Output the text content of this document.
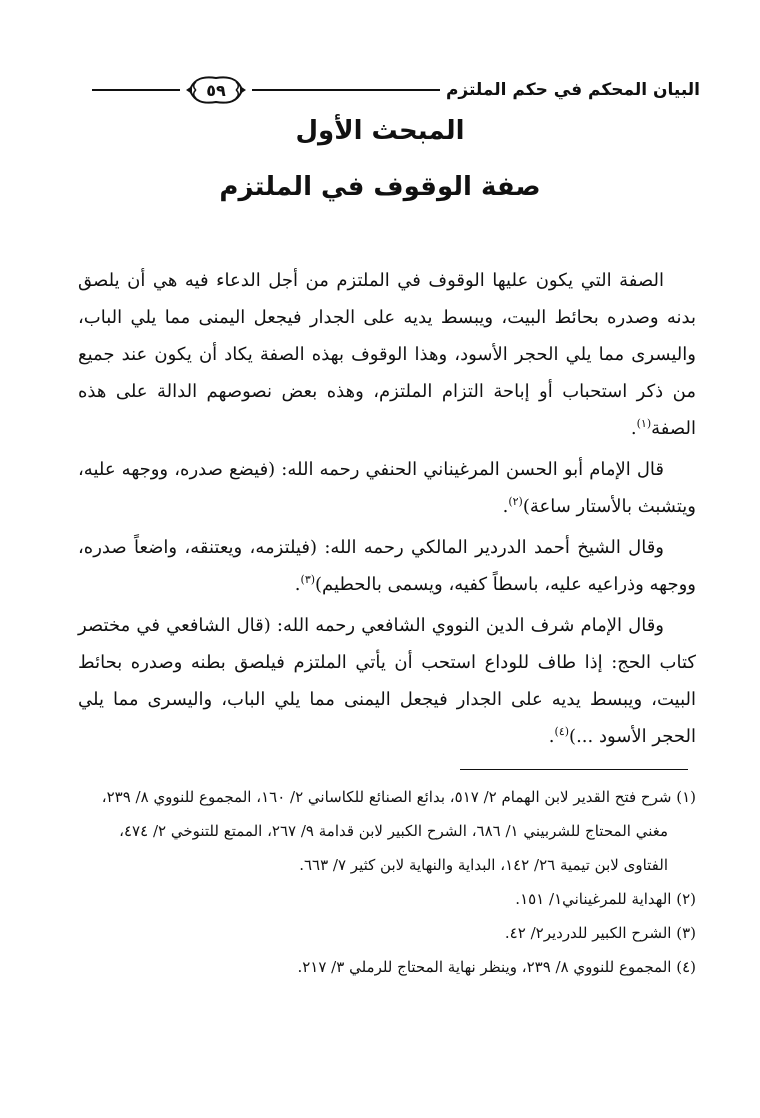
البيان المحكم في حكم الملتزم
٥٩
المبحث الأول
صفة الوقوف في الملتزم

الصفة التي يكون عليها الوقوف في الملتزم من أجل الدعاء فيه هي أن يلصق بدنه وصدره بحائط البيت، ويبسط يديه على الجدار فيجعل اليمنى مما يلي الباب، واليسرى مما يلي الحجر الأسود، وهذا الوقوف بهذه الصفة يكاد أن يكون عند جميع من ذكر استحباب أو إباحة التزام الملتزم، وهذه بعض نصوصهم الدالة على هذه الصفة$^{(١)}$.

قال الإمام أبو الحسن المرغيناني الحنفي رحمه الله: (فيضع صدره، ووجهه عليه، ويتشبث بالأستار ساعة)$^{(٢)}$.

وقال الشيخ أحمد الدردير المالكي رحمه الله: (فيلتزمه، ويعتنقه، واضعاً صدره، ووجهه وذراعيه عليه، باسطاً كفيه، ويسمى بالحطيم)$^{(٣)}$.

وقال الإمام شرف الدين النووي الشافعي رحمه الله: (قال الشافعي في مختصر كتاب الحج: إذا طاف للوداع استحب أن يأتي الملتزم فيلصق بطنه وصدره بحائط البيت، ويبسط يديه على الجدار فيجعل اليمنى مما يلي الباب، واليسرى مما يلي الحجر الأسود ...)$^{(٤)}$.

(١) شرح فتح القدير لابن الهمام ٢/ ٥١٧، بدائع الصنائع للكاساني ٢/ ١٦٠، المجموع للنووي ٨/ ٢٣٩،
مغني المحتاج للشربيني ١/ ٦٨٦، الشرح الكبير لابن قدامة ٩/ ٢٦٧، الممتع للتنوخي ٢/ ٤٧٤،
الفتاوى لابن تيمية ٢٦/ ١٤٢، البداية والنهاية لابن كثير ٧/ ٦٦٣.

(٢) الهداية للمرغيناني١/ ١٥١.

(٣) الشرح الكبير للدردير٢/ ٤٢.

(٤) المجموع للنووي ٨/ ٢٣٩، وينظر نهاية المحتاج للرملي ٣/ ٢١٧.
